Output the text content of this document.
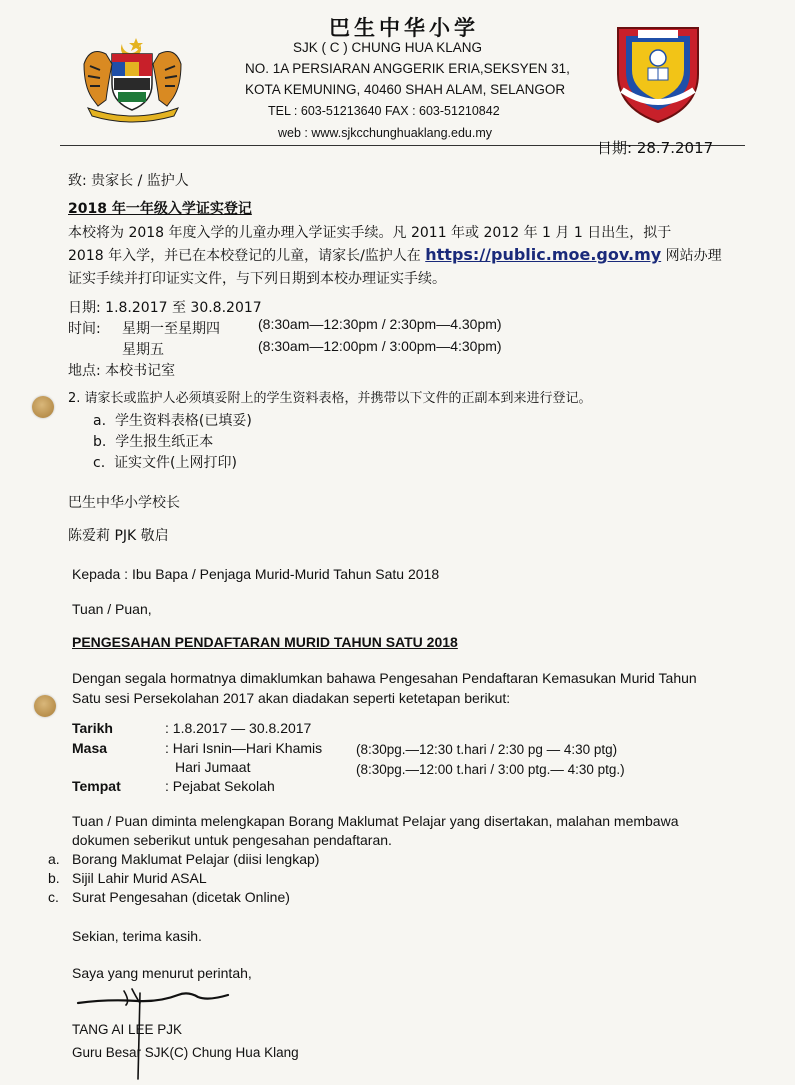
巴生中华小学
SJK ( C ) CHUNG HUA KLANG
NO. 1A PERSIARAN ANGGERIK ERIA,SEKSYEN 31,
KOTA KEMUNING, 40460 SHAH ALAM, SELANGOR
TEL : 603-51213640 FAX : 603-51210842
web : www.sjkcchunghuaklang.edu.my
日期: 28.7.2017
致: 贵家长 / 监护人
2018 年一年级入学证实登记
本校将为 2018 年度入学的儿童办理入学证实手续。凡 2011 年或 2012 年 1 月 1 日出生，拟于
2018 年入学，并已在本校登记的儿童，请家长/监护人在 https://public.moe.gov.my 网站办理
证实手续并打印证实文件，与下列日期到本校办理证实手续。
日期: 1.8.2017 至 30.8.2017
时间: 星期一至星期四	(8:30am—12:30pm / 2:30pm—4.30pm)
星期五	(8:30am—12:00pm / 3:00pm—4:30pm)
地点: 本校书记室
2. 请家长或监护人必须填妥附上的学生资料表格，并携带以下文件的正副本到来进行登记。
a. 学生资料表格(已填妥)
b. 学生报生纸正本
c. 证实文件(上网打印)
巴生中华小学校长
陈爱莉 PJK 敬启
Kepada : Ibu Bapa / Penjaga Murid-Murid Tahun Satu 2018
Tuan / Puan,
PENGESAHAN PENDAFTARAN MURID TAHUN SATU 2018
Dengan segala hormatnya dimaklumkan bahawa Pengesahan Pendaftaran Kemasukan Murid Tahun
Satu sesi Persekolahan 2017 akan diadakan seperti ketetapan berikut:
Tarikh	: 1.8.2017 — 30.8.2017
Masa	: Hari Isnin—Hari Khamis	(8:30pg.—12:30 t.hari / 2:30 pg — 4:30 ptg)
Hari Jumaat	(8:30pg.—12:00 t.hari / 3:00 ptg.— 4:30 ptg.)
Tempat	: Pejabat Sekolah
Tuan / Puan diminta melengkapan Borang Maklumat Pelajar yang disertakan, malahan membawa
dokumen seberikut untuk pengesahan pendaftaran.
a. Borang Maklumat Pelajar (diisi lengkap)
b. Sijil Lahir Murid ASAL
c. Surat Pengesahan (dicetak Online)
Sekian, terima kasih.
Saya yang menurut perintah,
TANG AI LEE PJK
Guru Besar SJK(C) Chung Hua Klang
